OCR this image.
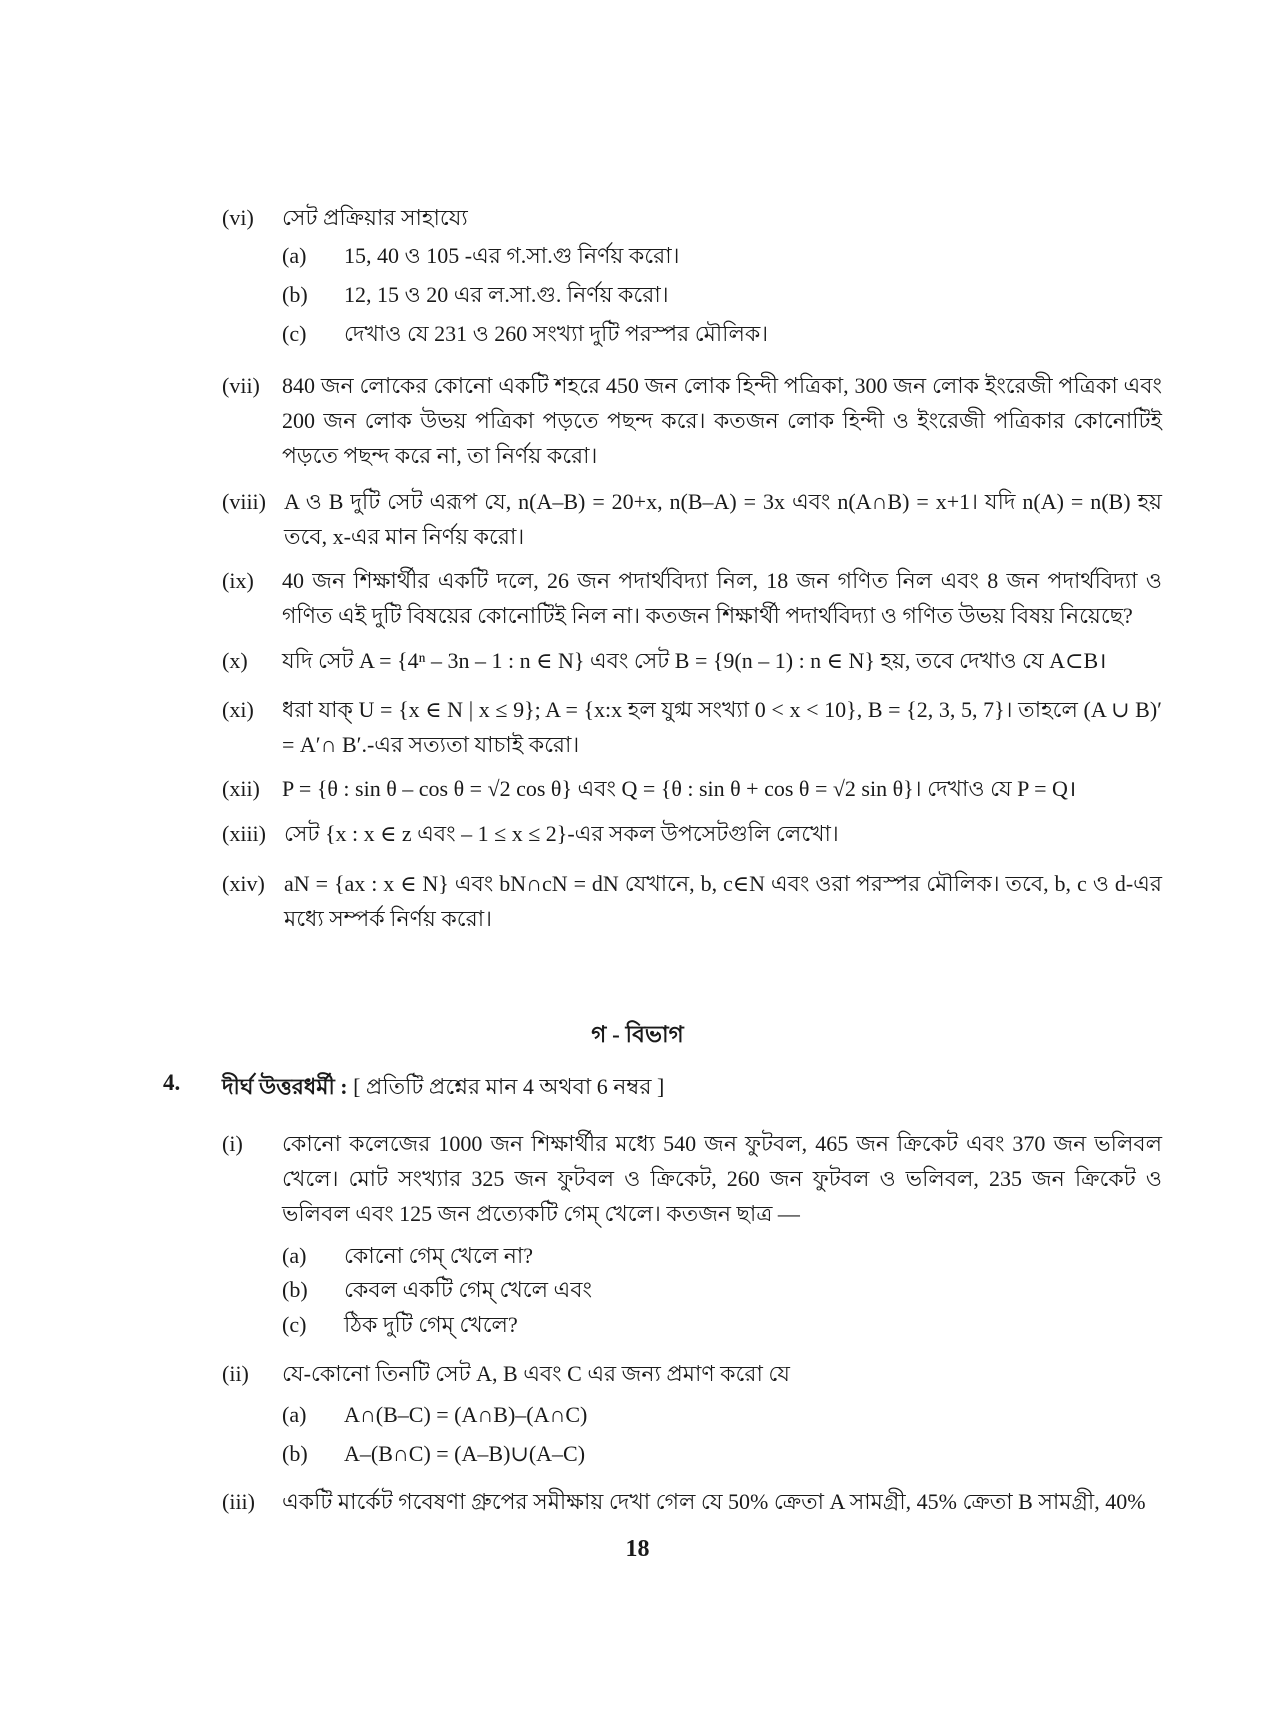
(vi) সেট প্রক্রিয়ার সাহায্যে
(a) 15, 40 ও 105 -এর গ.সা.গু নির্ণয় করো।
(b) 12, 15 ও 20 এর ল.সা.গু. নির্ণয় করো।
(c) দেখাও যে 231 ও 260 সংখ্যা দুটি পরস্পর মৌলিক।
(vii) 840 জন লোকের কোনো একটি শহরে 450 জন লোক হিন্দী পত্রিকা, 300 জন লোক ইংরেজী পত্রিকা এবং 200 জন লোক উভয় পত্রিকা পড়তে পছন্দ করে। কতজন লোক হিন্দী ও ইংরেজী পত্রিকার কোনোটিই পড়তে পছন্দ করে না, তা নির্ণয় করো।
(viii) A ও B দুটি সেট এরূপ যে, n(A–B) = 20+x, n(B–A) = 3x এবং n(A∩B) = x+1। যদি n(A) = n(B) হয় তবে, x-এর মান নির্ণয় করো।
(ix) 40 জন শিক্ষার্থীর একটি দলে, 26 জন পদার্থবিদ্যা নিল, 18 জন গণিত নিল এবং 8 জন পদার্থবিদ্যা ও গণিত এই দুটি বিষয়ের কোনোটিই নিল না। কতজন শিক্ষার্থী পদার্থবিদ্যা ও গণিত উভয় বিষয় নিয়েছে?
(x) যদি সেট A = {4ⁿ – 3n – 1 : n ∈ N} এবং সেট B = {9(n – 1) : n ∈ N} হয়, তবে দেখাও যে A⊂B।
(xi) ধরা যাক্‌ U = {x ∈ N | x ≤ 9}; A = {x:x হল যুগ্ম সংখ্যা 0 < x < 10}, B = {2, 3, 5, 7}। তাহলে (A ∪ B)′ = A′∩ B′.-এর সত্যতা যাচাই করো।
(xii) P = {θ : sin θ – cos θ = √2 cos θ} এবং Q = {θ : sin θ + cos θ = √2 sin θ}। দেখাও যে P = Q।
(xiii) সেট {x : x ∈ z এবং – 1 ≤ x ≤ 2}-এর সকল উপসেটগুলি লেখো।
(xiv) aN = {ax : x ∈ N} এবং bN∩cN = dN যেখানে, b, c∈N এবং ওরা পরস্পর মৌলিক। তবে, b, c ও d-এর মধ্যে সম্পর্ক নির্ণয় করো।
গ - বিভাগ
4. দীর্ঘ উত্তরধর্মী : [ প্রতিটি প্রশ্নের মান 4 অথবা 6 নম্বর ]
(i) কোনো কলেজের 1000 জন শিক্ষার্থীর মধ্যে 540 জন ফুটবল, 465 জন ক্রিকেট এবং 370 জন ভলিবল খেলে। মোট সংখ্যার 325 জন ফুটবল ও ক্রিকেট, 260 জন ফুটবল ও ভলিবল, 235 জন ক্রিকেট ও ভলিবল এবং 125 জন প্রত্যেকটি গেম্‌ খেলে। কতজন ছাত্র —
(a) কোনো গেম্‌ খেলে না?
(b) কেবল একটি গেম্‌ খেলে এবং
(c) ঠিক দুটি গেম্‌ খেলে?
(ii) যে-কোনো তিনটি সেট A, B এবং C এর জন্য প্রমাণ করো যে
(a) A∩(B–C) = (A∩B)–(A∩C)
(b) A–(B∩C) = (A–B)∪(A–C)
(iii) একটি মার্কেট গবেষণা গ্রুপের সমীক্ষায় দেখা গেল যে 50% ক্রেতা A সামগ্রী, 45% ক্রেতা B সামগ্রী, 40%
18
